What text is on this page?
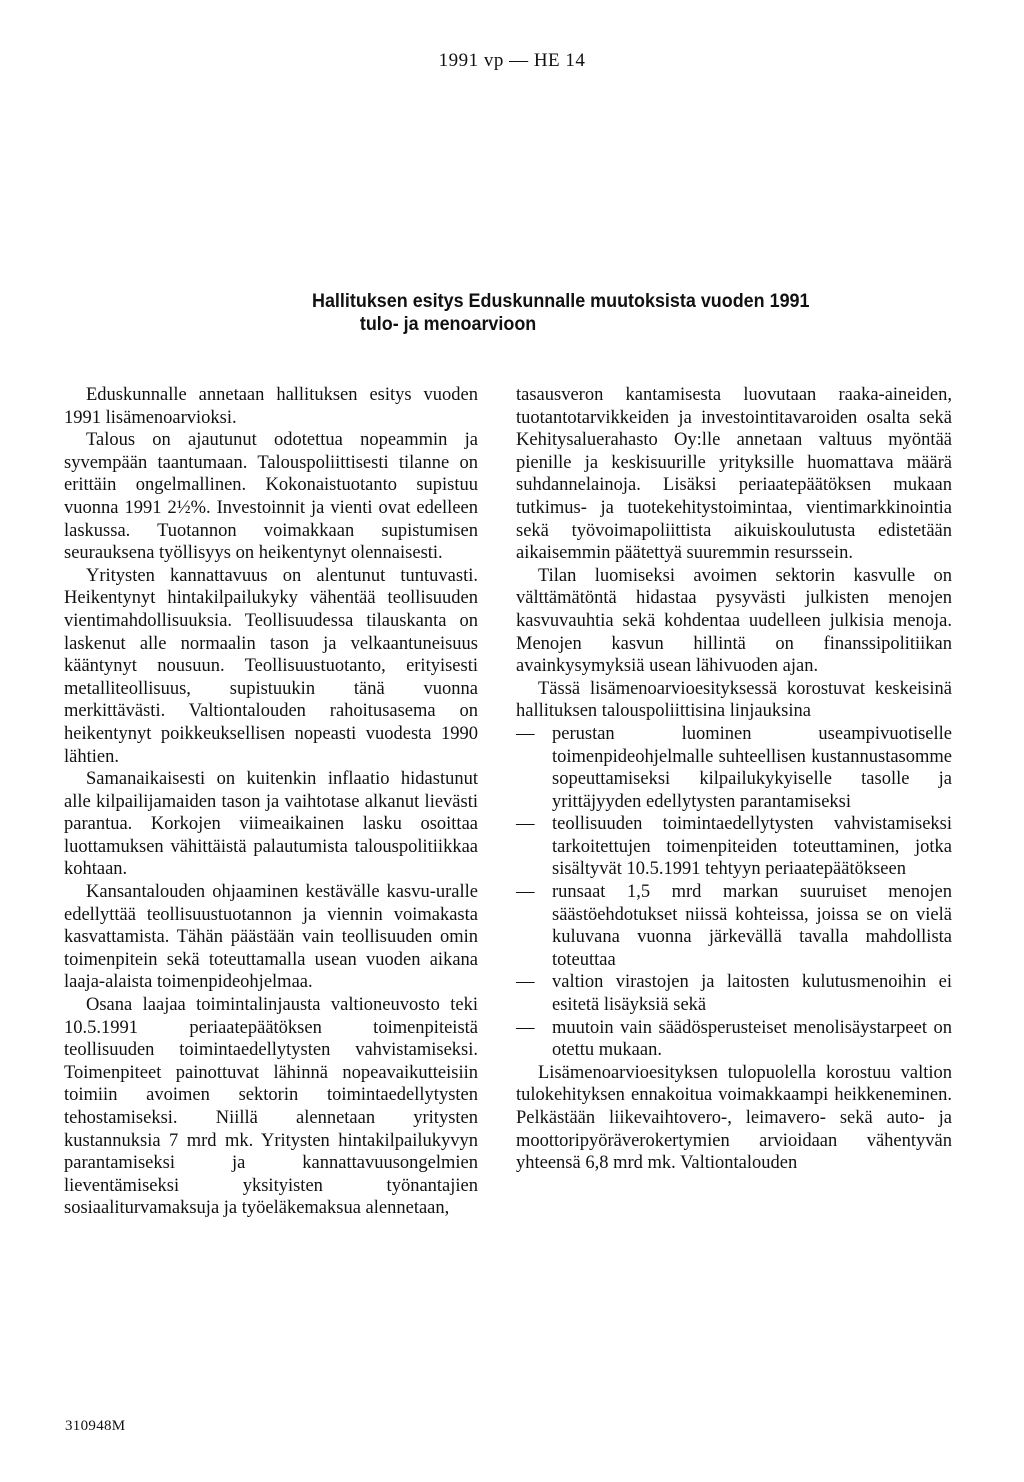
1991 vp — HE 14
Hallituksen esitys Eduskunnalle muutoksista vuoden 1991
tulo- ja menoarvioon

Eduskunnalle annetaan hallituksen esitys vuoden 1991 lisämenoarvioksi.

Talous on ajautunut odotettua nopeammin ja syvempään taantumaan. Talouspoliittisesti tilanne on erittäin ongelmallinen. Kokonaistuotanto supistuu vuonna 1991 2½%. Investoinnit ja vienti ovat edelleen laskussa. Tuotannon voimakkaan supistumisen seurauksena työllisyys on heikentynyt olennaisesti.

Yritysten kannattavuus on alentunut tuntuvasti. Heikentynyt hintakilpailukyky vähentää teollisuuden vientimahdollisuuksia. Teollisuudessa tilauskanta on laskenut alle normaalin tason ja velkaantuneisuus kääntynyt nousuun. Teollisuustuotanto, erityisesti metalliteollisuus, supistuukin tänä vuonna merkittävästi. Valtiontalouden rahoitusasema on heikentynyt poikkeuksellisen nopeasti vuodesta 1990 lähtien.

Samanaikaisesti on kuitenkin inflaatio hidastunut alle kilpailijamaiden tason ja vaihtotase alkanut lievästi parantua. Korkojen viimeaikainen lasku osoittaa luottamuksen vähittäistä palautumista talouspolitiikkaa kohtaan.

Kansantalouden ohjaaminen kestävälle kasvu-uralle edellyttää teollisuustuotannon ja viennin voimakasta kasvattamista. Tähän päästään vain teollisuuden omin toimenpitein sekä toteuttamalla usean vuoden aikana laaja-alaista toimenpideohjelmaa.

Osana laajaa toimintalinjausta valtioneuvosto teki 10.5.1991 periaatepäätöksen toimenpiteistä teollisuuden toimintaedellytysten vahvistamiseksi. Toimenpiteet painottuvat lähinnä nopeavaikutteisiin toimiin avoimen sektorin toimintaedellytysten tehostamiseksi. Niillä alennetaan yritysten kustannuksia 7 mrd mk. Yritysten hintakilpailukyvyn parantamiseksi ja kannattavuusongelmien lieventämiseksi yksityisten työnantajien sosiaaliturvamaksuja ja työeläkemaksua alennetaan,

tasausveron kantamisesta luovutaan raaka-aineiden, tuotantotarvikkeiden ja investointitavaroiden osalta sekä Kehitysaluerahasto Oy:lle annetaan valtuus myöntää pienille ja keskisuurille yrityksille huomattava määrä suhdannelainoja. Lisäksi periaatepäätöksen mukaan tutkimus- ja tuotekehitystoimintaa, vientimarkkinointia sekä työvoimapoliittista aikuiskoulutusta edistetään aikaisemmin päätettyä suuremmin resurssein.

Tilan luomiseksi avoimen sektorin kasvulle on välttämätöntä hidastaa pysyvästi julkisten menojen kasvuvauhtia sekä kohdentaa uudelleen julkisia menoja. Menojen kasvun hillintä on finanssipolitiikan avainkysymyksiä usean lähivuoden ajan.

Tässä lisämenoarvioesityksessä korostuvat keskeisinä hallituksen talouspoliittisina linjauksina

— perustan luominen useampivuotiselle toimenpideohjelmalle suhteellisen kustannustasomme sopeuttamiseksi kilpailukykyiselle tasolle ja yrittäjyyden edellytysten parantamiseksi
— teollisuuden toimintaedellytysten vahvistamiseksi tarkoitettujen toimenpiteiden toteuttaminen, jotka sisältyvät 10.5.1991 tehtyyn periaatepäätökseen
— runsaat 1,5 mrd markan suuruiset menojen säästöehdotukset niissä kohteissa, joissa se on vielä kuluvana vuonna järkevällä tavalla mahdollista toteuttaa
— valtion virastojen ja laitosten kulutusmenoihin ei esitetä lisäyksiä sekä
— muutoin vain säädösperusteiset menolisäystarpeet on otettu mukaan.

Lisämenoarvioesityksen tulopuolella korostuu valtion tulokehityksen ennakoitua voimakkaampi heikkeneminen. Pelkästään liikevaihtovero-, leimavero- sekä auto- ja moottoripyöräverokertymien arvioidaan vähentyvän yhteensä 6,8 mrd mk. Valtiontalouden

310948M
